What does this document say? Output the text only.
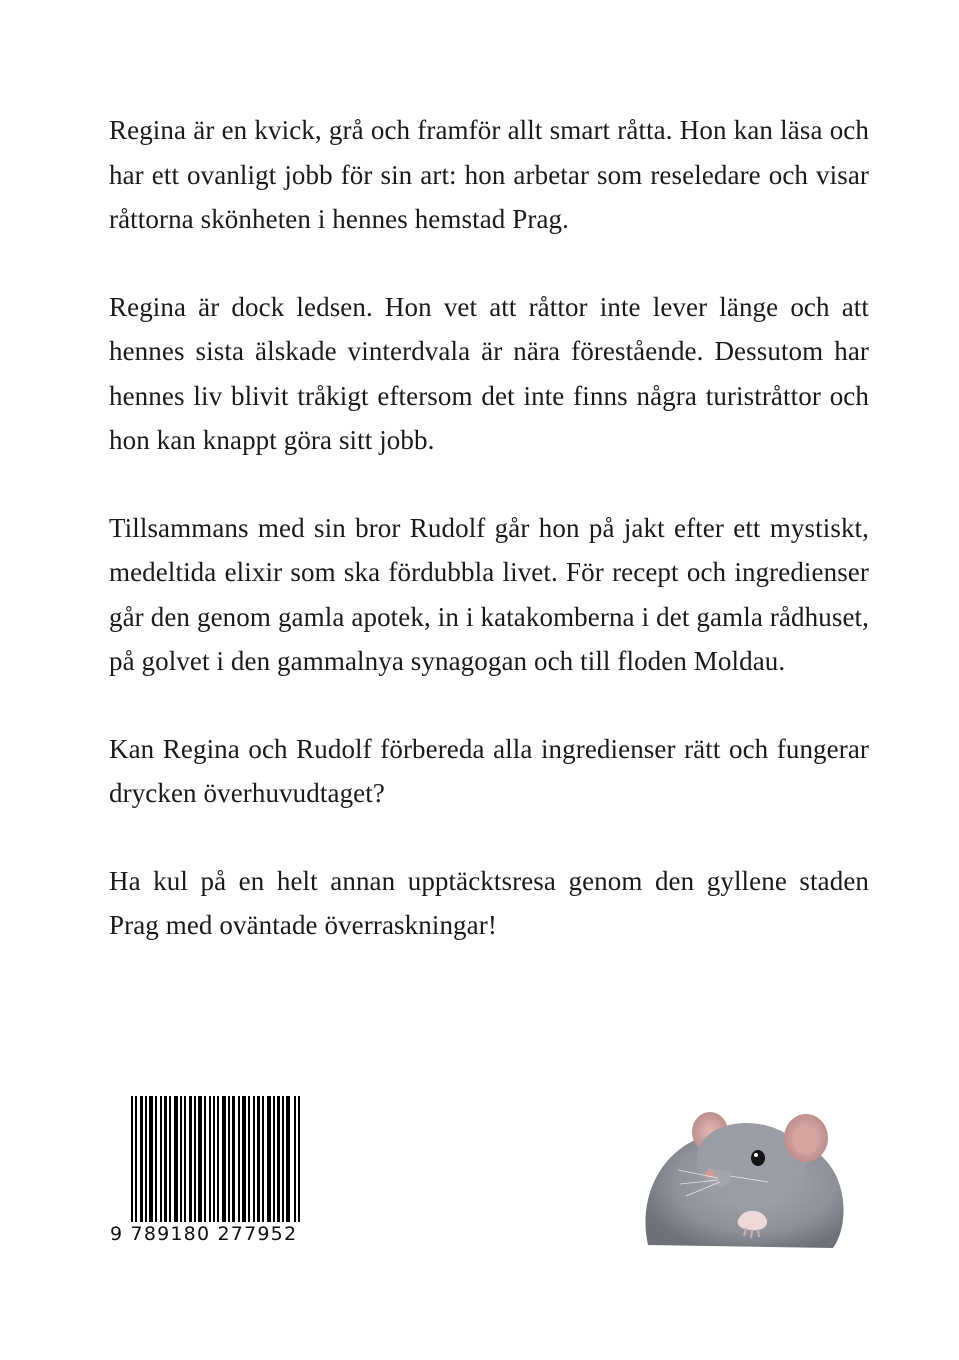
Regina är en kvick, grå och framför allt smart råtta. Hon kan läsa och har ett ovanligt jobb för sin art: hon arbetar som reseledare och visar råttorna skönheten i hennes hemstad Prag.

Regina är dock ledsen. Hon vet att råttor inte lever länge och att hennes sista älskade vinterdvala är nära förestående. Dessutom har hennes liv blivit tråkigt eftersom det inte finns några turistråttor och hon kan knappt göra sitt jobb.

Tillsammans med sin bror Rudolf går hon på jakt efter ett mystiskt, medeltida elixir som ska fördubbla livet. För recept och ingredienser går den genom gamla apotek, in i katakomberna i det gamla rådhuset, på golvet i den gammalnya synagogan och till floden Moldau.

Kan Regina och Rudolf förbereda alla ingredienser rätt och fungerar drycken överhuvudtaget?

Ha kul på en helt annan upptäcktsresa genom den gyllene staden Prag med oväntade överraskningar!

9 789180 277952
